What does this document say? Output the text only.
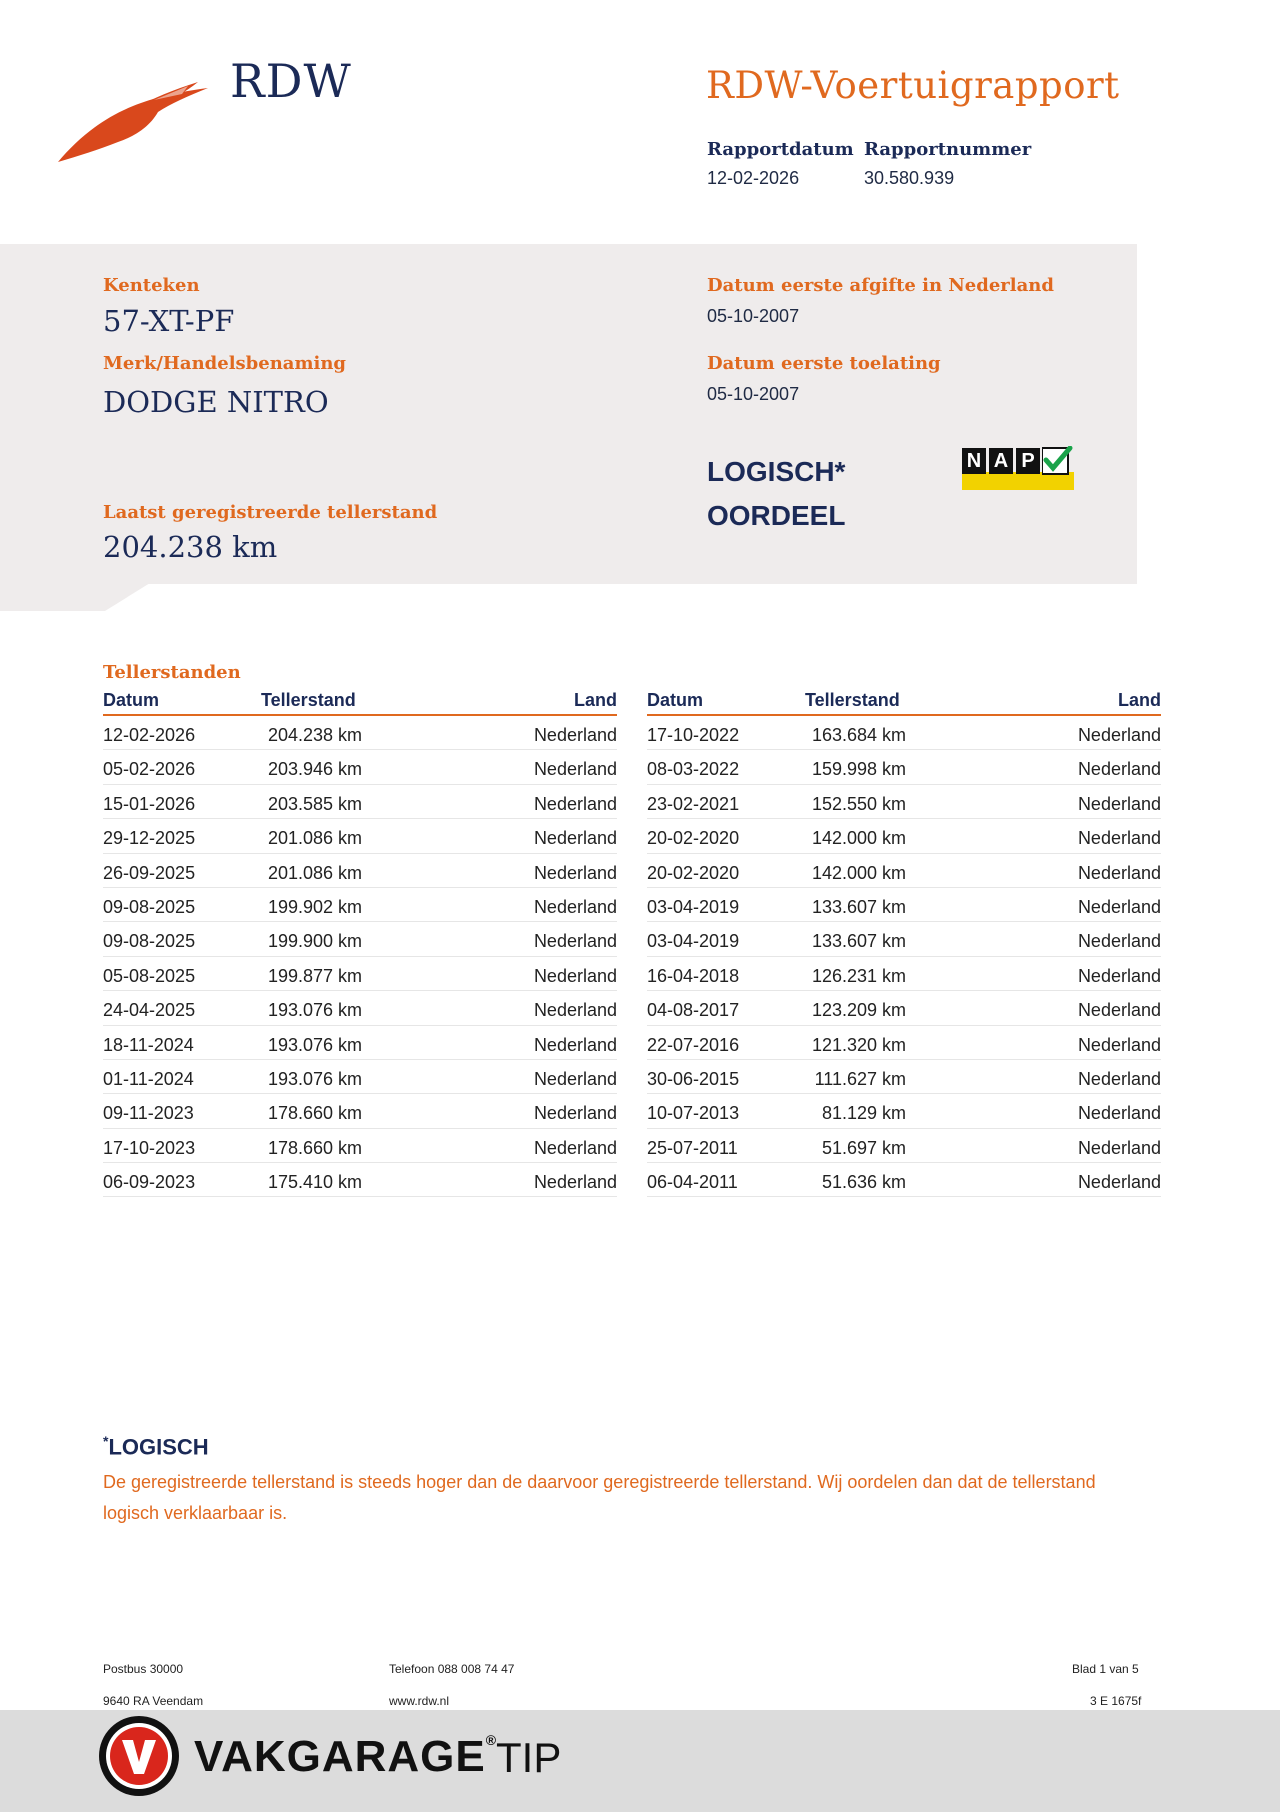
RDW	RDW-Voertuigrapport
Rapportdatum
12-02-2026
Rapportnummer
30.580.939
Kenteken
57-XT-PF
Merk/Handelsbenaming
DODGE NITRO
Laatst geregistreerde tellerstand
204.238 km
Datum eerste afgifte in Nederland
05-10-2007
Datum eerste toelating
05-10-2007
LOGISCH*
OORDEEL
N A P
Tellerstanden
Datum	Tellerstand	Land
12-02-2026	204.238 km	Nederland
05-02-2026	203.946 km	Nederland
15-01-2026	203.585 km	Nederland
29-12-2025	201.086 km	Nederland
26-09-2025	201.086 km	Nederland
09-08-2025	199.902 km	Nederland
09-08-2025	199.900 km	Nederland
05-08-2025	199.877 km	Nederland
24-04-2025	193.076 km	Nederland
18-11-2024	193.076 km	Nederland
01-11-2024	193.076 km	Nederland
09-11-2023	178.660 km	Nederland
17-10-2023	178.660 km	Nederland
06-09-2023	175.410 km	Nederland
Datum	Tellerstand	Land
17-10-2022	163.684 km	Nederland
08-03-2022	159.998 km	Nederland
23-02-2021	152.550 km	Nederland
20-02-2020	142.000 km	Nederland
20-02-2020	142.000 km	Nederland
03-04-2019	133.607 km	Nederland
03-04-2019	133.607 km	Nederland
16-04-2018	126.231 km	Nederland
04-08-2017	123.209 km	Nederland
22-07-2016	121.320 km	Nederland
30-06-2015	111.627 km	Nederland
10-07-2013	81.129 km	Nederland
25-07-2011	51.697 km	Nederland
06-04-2011	51.636 km	Nederland
*LOGISCH
De geregistreerde tellerstand is steeds hoger dan de daarvoor geregistreerde tellerstand. Wij oordelen dan dat de tellerstand logisch verklaarbaar is.
Postbus 30000
9640 RA Veendam
Telefoon 088 008 74 47
www.rdw.nl
Blad 1 van 5
3 E 1675f
VAKGARAGE®
TIP
